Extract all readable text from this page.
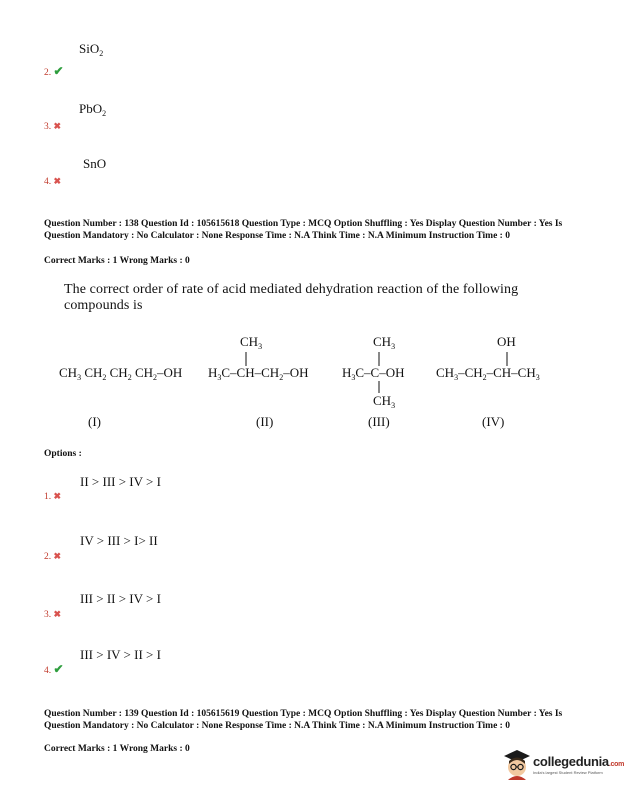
SiO$_2$
2. ✔
PbO$_2$
3. ✖
SnO
4. ✖
Question Number : 138 Question Id : 105615618 Question Type : MCQ Option Shuffling : Yes Display Question Number : Yes Is Question Mandatory : No Calculator : None Response Time : N.A Think Time : N.A Minimum Instruction Time : 0
Correct Marks : 1 Wrong Marks : 0
The correct order of rate of acid mediated dehydration reaction of the following compounds is
$CH_3$ $CH_2$ $CH_2$ $CH_2-OH$
$CH_3$
$H_3C-CH-CH_2-OH$
$CH_3$
$H_3C-C-OH$
$CH_3$
OH
$CH_3-CH_2-CH-CH_3$
(I)	(II)	(III)	(IV)
Options :
II > III > IV > I
1. ✖
IV > III > I> II
2. ✖
III > II > IV > I
3. ✖
III > IV > II > I
4. ✔
Question Number : 139 Question Id : 105615619 Question Type : MCQ Option Shuffling : Yes Display Question Number : Yes Is Question Mandatory : No Calculator : None Response Time : N.A Think Time : N.A Minimum Instruction Time : 0
Correct Marks : 1 Wrong Marks : 0
collegedunia.com
India's largest Student Review Platform
